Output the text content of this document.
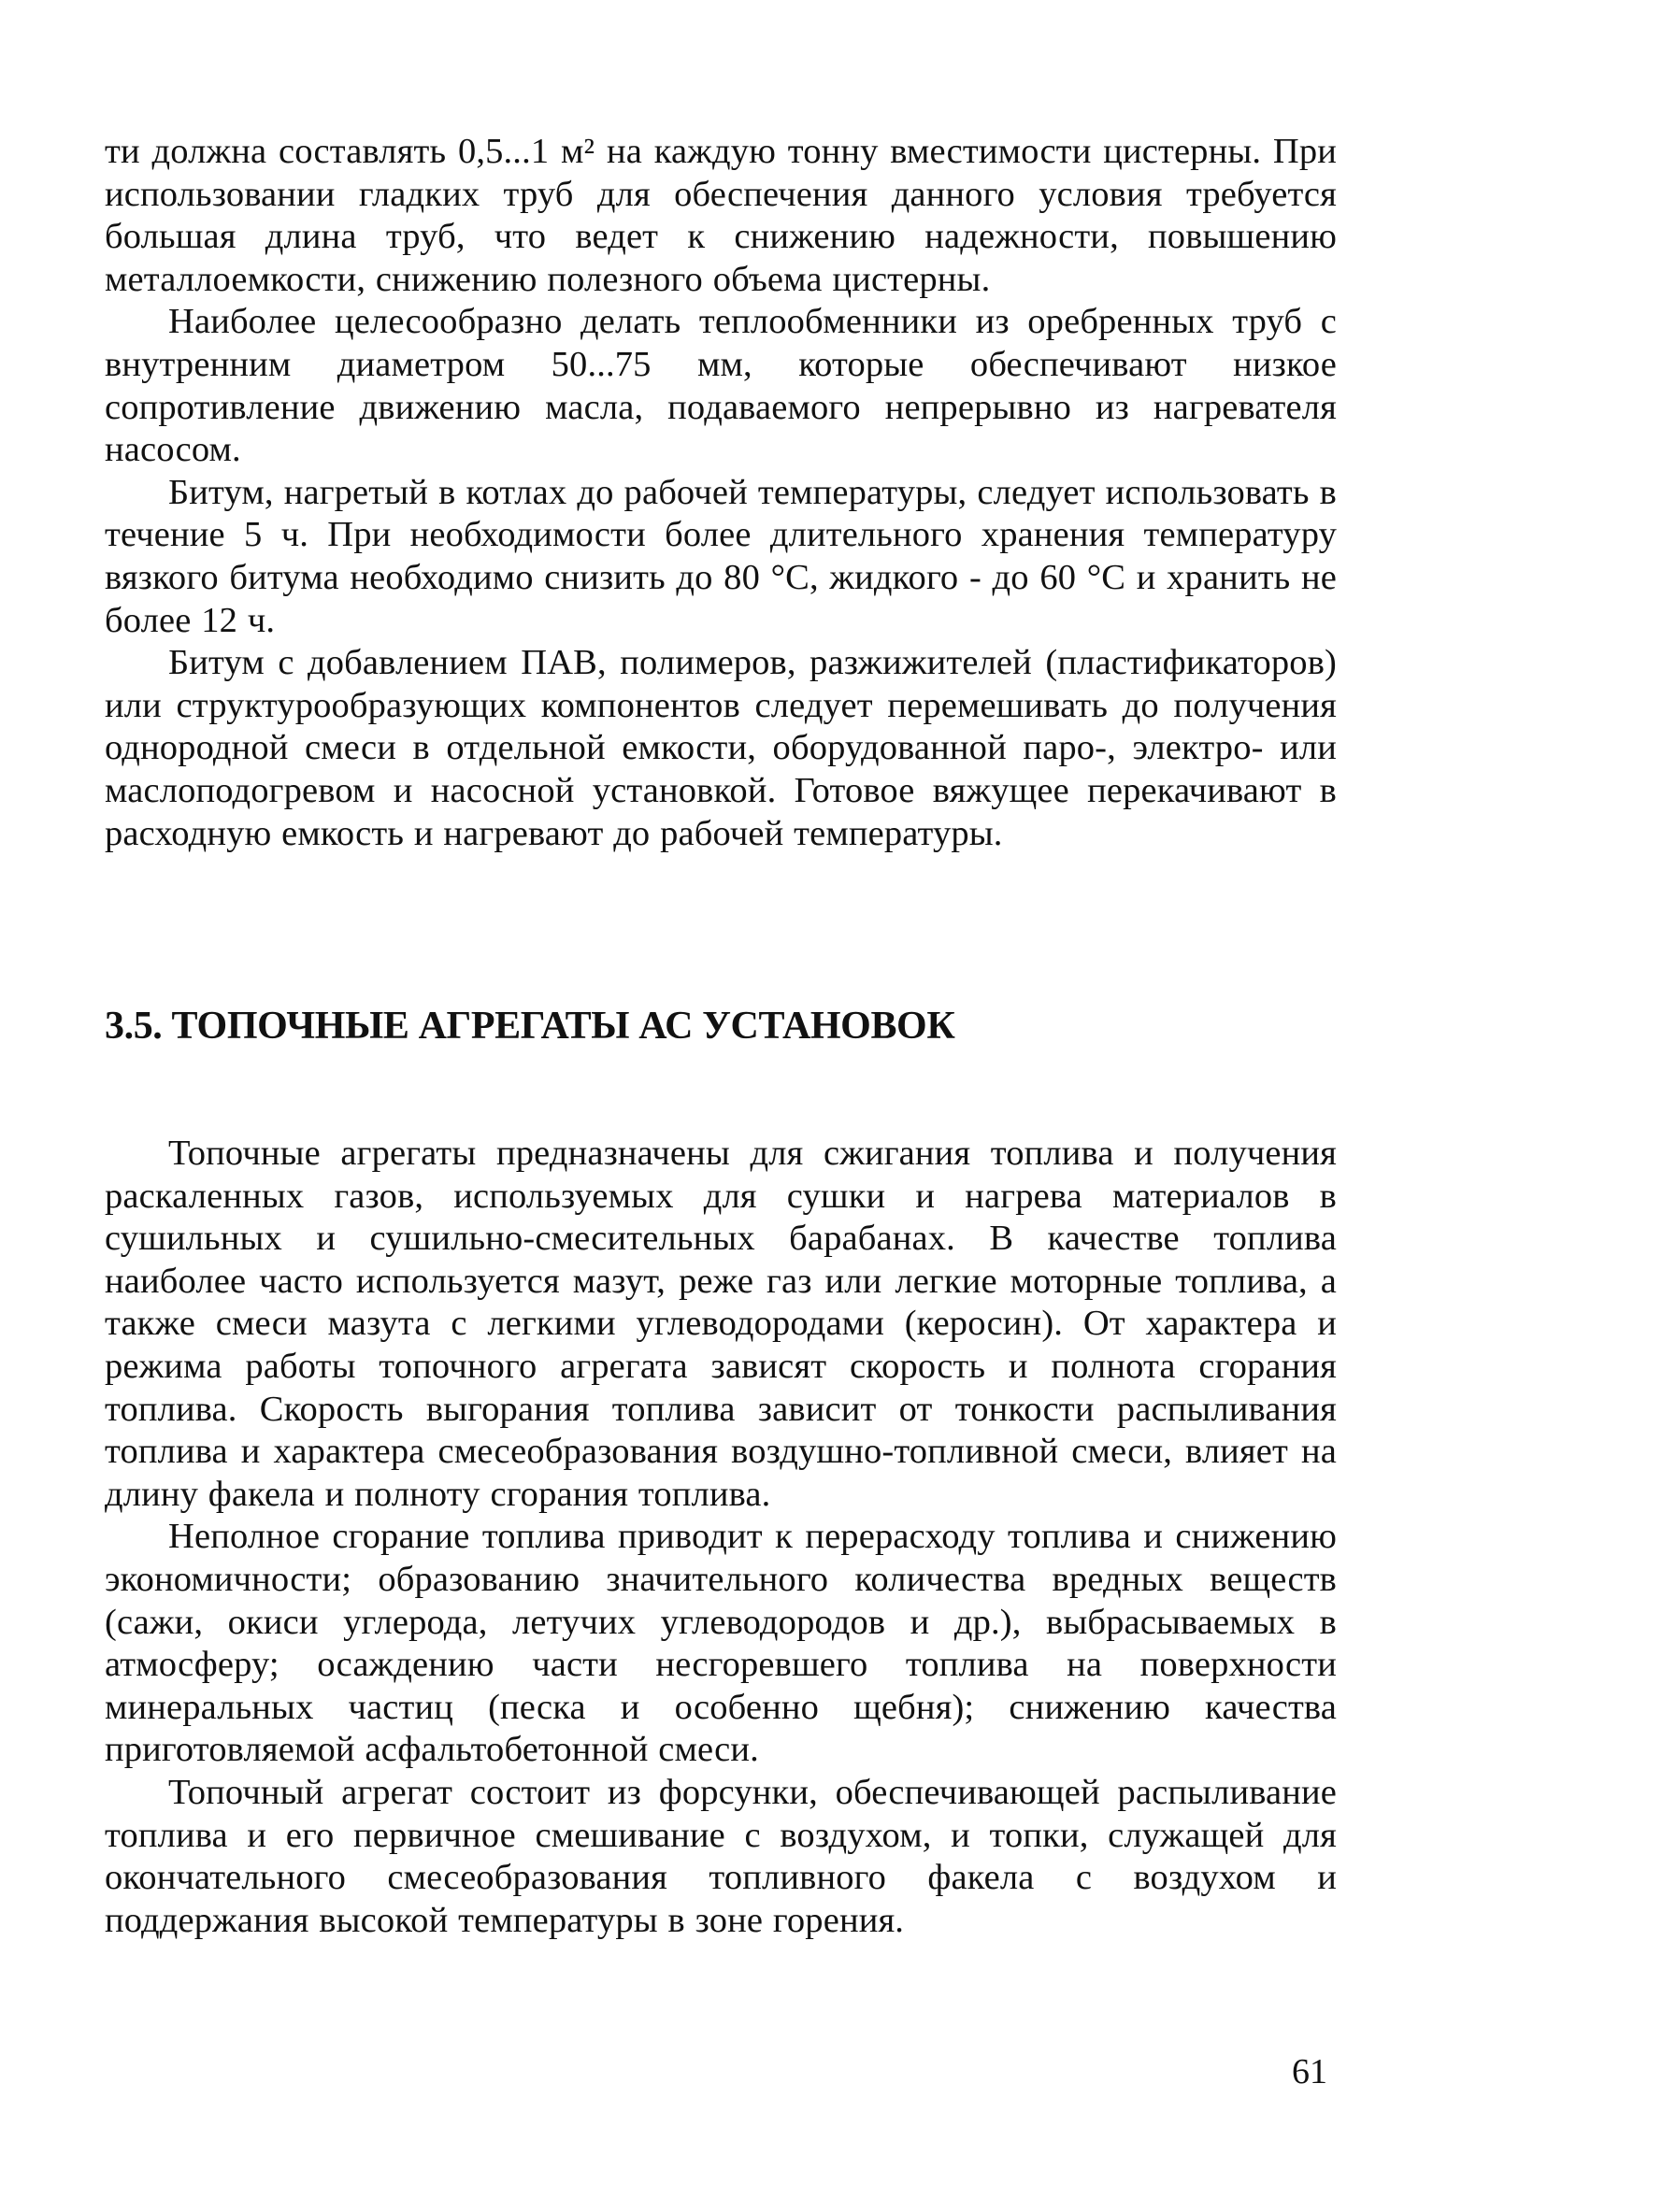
ти должна составлять 0,5...1 м² на каждую тонну вместимости цистерны. При использовании гладких труб для обеспечения данного условия требуется большая длина труб, что ведет к снижению надежности, повышению металлоемкости, снижению полезного объема цистерны.

Наиболее целесообразно делать теплообменники из оребренных труб с внутренним диаметром 50...75 мм, которые обеспечивают низкое сопротивление движению масла, подаваемого непрерывно из нагревателя насосом.

Битум, нагретый в котлах до рабочей температуры, следует использовать в течение 5 ч. При необходимости более длительного хранения температуру вязкого битума необходимо снизить до 80 °C, жидкого - до 60 °C и хранить не более 12 ч.

Битум с добавлением ПАВ, полимеров, разжижителей (пластификаторов) или структурообразующих компонентов следует перемешивать до получения однородной смеси в отдельной емкости, оборудованной паро-, электро- или маслоподогревом и насосной установкой. Готовое вяжущее перекачивают в расходную емкость и нагревают до рабочей температуры.

3.5. ТОПОЧНЫЕ АГРЕГАТЫ АС УСТАНОВОК

Топочные агрегаты предназначены для сжигания топлива и получения раскаленных газов, используемых для сушки и нагрева материалов в сушильных и сушильно-смесительных барабанах. В качестве топлива наиболее часто используется мазут, реже газ или легкие моторные топлива, а также смеси мазута с легкими углеводородами (керосин). От характера и режима работы топочного агрегата зависят скорость и полнота сгорания топлива. Скорость выгорания топлива зависит от тонкости распыливания топлива и характера смесеобразования воздушно-топливной смеси, влияет на длину факела и полноту сгорания топлива.

Неполное сгорание топлива приводит к перерасходу топлива и снижению экономичности; образованию значительного количества вредных веществ (сажи, окиси углерода, летучих углеводородов и др.), выбрасываемых в атмосферу; осаждению части несгоревшего топлива на поверхности минеральных частиц (песка и особенно щебня); снижению качества приготовляемой асфальтобетонной смеси.

Топочный агрегат состоит из форсунки, обеспечивающей распыливание топлива и его первичное смешивание с воздухом, и топки, служащей для окончательного смесеобразования топливного факела с воздухом и поддержания высокой температуры в зоне горения.

61
